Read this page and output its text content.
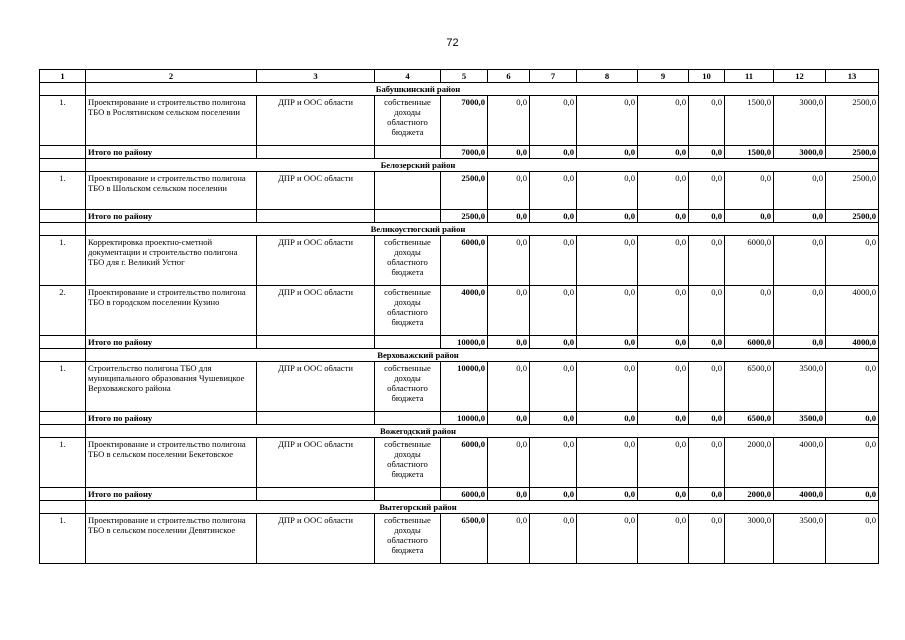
72
1	2	3	4	5	6	7	8	9	10	11	12	13
	Бабушкинский район											
1.	Проектирование и строительство полигона ТБО в Рослятинском сельском поселении	ДПР и ООС области	собственные доходы областного бюджета	7000,0	0,0	0,0	0,0	0,0	0,0	1500,0	3000,0	2500,0
	Итого по району			7000,0	0,0	0,0	0,0	0,0	0,0	1500,0	3000,0	2500,0
	Белозерский район											
1.	Проектирование и строительство полигона ТБО в Шольском сельском поселении	ДПР и ООС области		2500,0	0,0	0,0	0,0	0,0	0,0	0,0	0,0	2500,0
	Итого по району			2500,0	0,0	0,0	0,0	0,0	0,0	0,0	0,0	2500,0
	Великоустюгский район											
1.	Корректировка проектно-сметной документации и строительство полигона ТБО для г. Великий Устюг	ДПР и ООС области	собственные доходы областного бюджета	6000,0	0,0	0,0	0,0	0,0	0,0	6000,0	0,0	0,0
2.	Проектирование и строительство полигона ТБО в городском поселении Кузино	ДПР и ООС области	собственные доходы областного бюджета	4000,0	0,0	0,0	0,0	0,0	0,0	0,0	0,0	4000,0
	Итого по району			10000,0	0,0	0,0	0,0	0,0	0,0	6000,0	0,0	4000,0
	Верховажский район											
1.	Строительство полигона ТБО для муниципального образования Чушевицкое Верховажского района	ДПР и ООС области	собственные доходы областного бюджета	10000,0	0,0	0,0	0,0	0,0	0,0	6500,0	3500,0	0,0
	Итого по району			10000,0	0,0	0,0	0,0	0,0	0,0	6500,0	3500,0	0,0
	Вожегодский район											
1.	Проектирование и строительство полигона ТБО в сельском поселении Бекетовское	ДПР и ООС области	собственные доходы областного бюджета	6000,0	0,0	0,0	0,0	0,0	0,0	2000,0	4000,0	0,0
	Итого по району			6000,0	0,0	0,0	0,0	0,0	0,0	2000,0	4000,0	0,0
	Вытегорский район											
1.	Проектирование и строительство полигона ТБО в сельском поселении Девятинское	ДПР и ООС области	собственные доходы областного бюджета	6500,0	0,0	0,0	0,0	0,0	0,0	3000,0	3500,0	0,0
